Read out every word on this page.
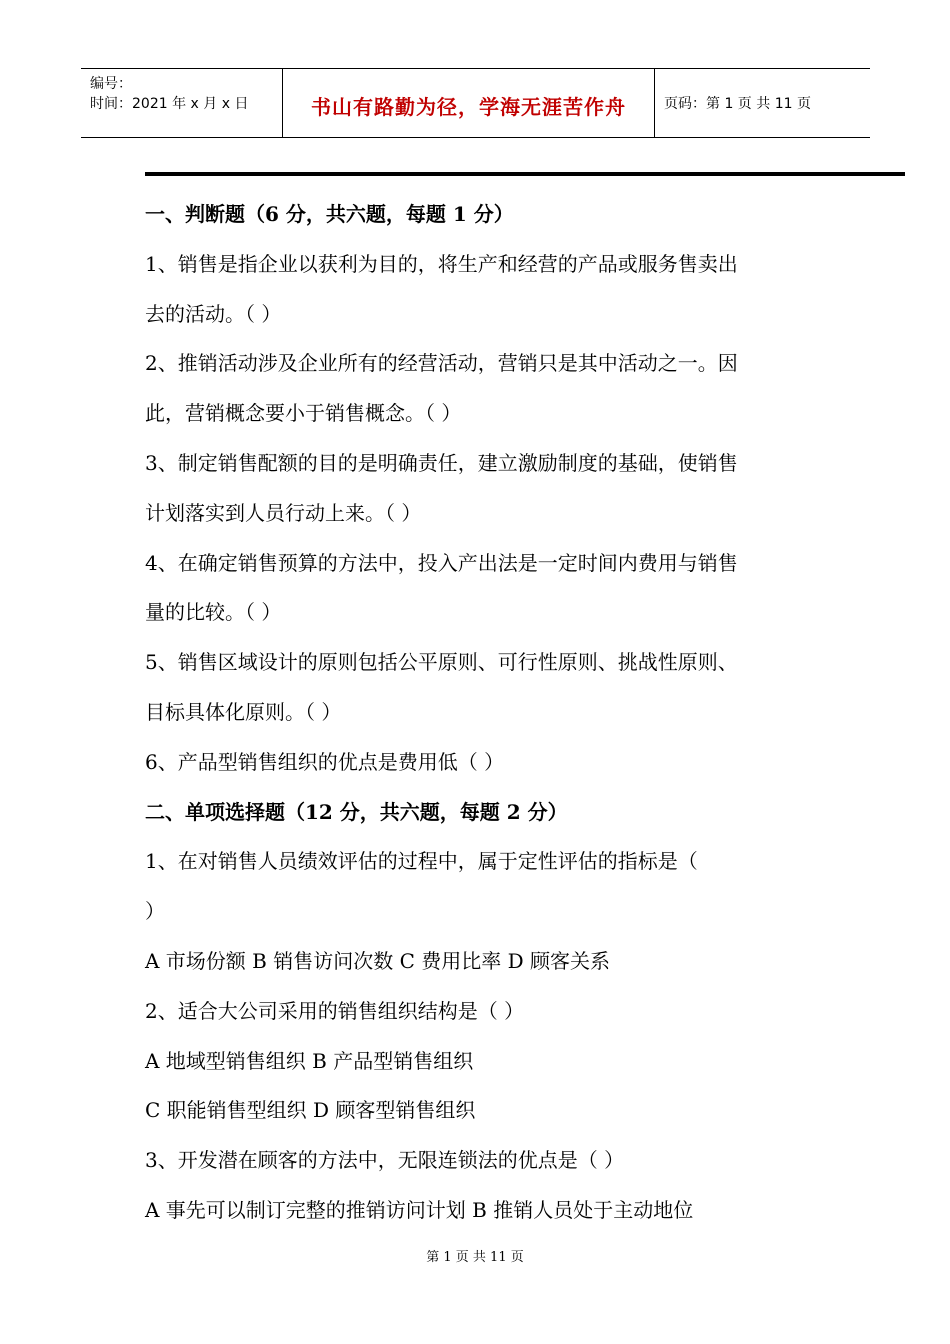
编号：
时间：2021 年 x 月 x 日	书山有路勤为径，学海无涯苦作舟	页码：第 1 页 共 11 页
一、判断题（6 分，共六题，每题 1 分）
1、销售是指企业以获利为目的，将生产和经营的产品或服务售卖出
去的活动。（ ）
2、推销活动涉及企业所有的经营活动，营销只是其中活动之一。因
此，营销概念要小于销售概念。（ ）
3、制定销售配额的目的是明确责任，建立激励制度的基础，使销售
计划落实到人员行动上来。（ ）
4、在确定销售预算的方法中，投入产出法是一定时间内费用与销售
量的比较。（ ）
5、销售区域设计的原则包括公平原则、可行性原则、挑战性原则、
目标具体化原则。（ ）
6、产品型销售组织的优点是费用低（ ）
二、单项选择题（12 分，共六题，每题 2 分）
1、在对销售人员绩效评估的过程中，属于定性评估的指标是（
）
A 市场份额 B 销售访问次数 C 费用比率 D 顾客关系
2、适合大公司采用的销售组织结构是（ ）
A 地域型销售组织 B 产品型销售组织
C 职能销售型组织 D 顾客型销售组织
3、开发潜在顾客的方法中，无限连锁法的优点是（ ）
A 事先可以制订完整的推销访问计划 B 推销人员处于主动地位
第 1 页 共 11 页
